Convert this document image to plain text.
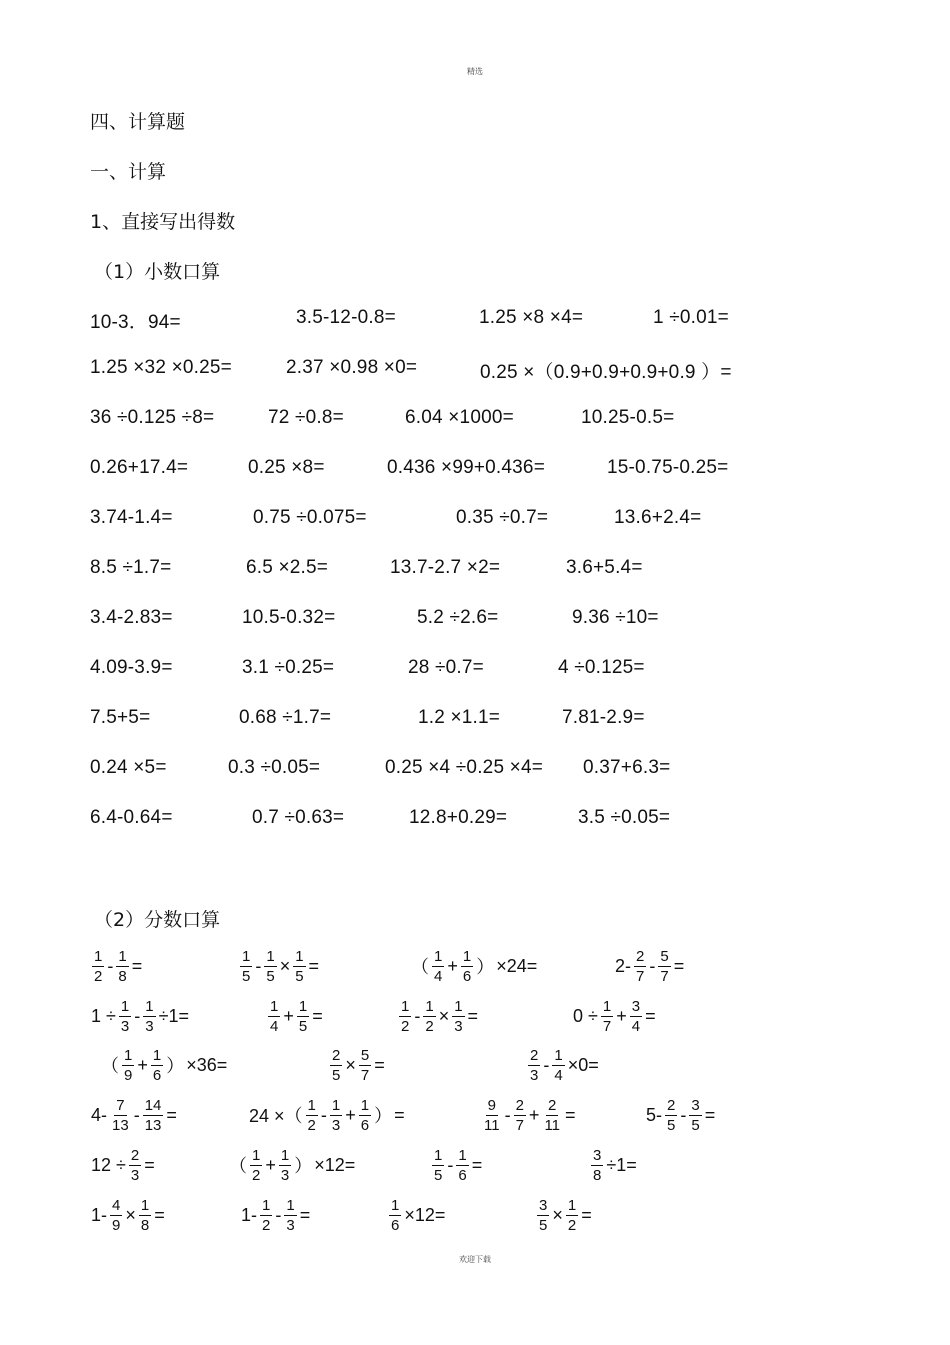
精选
四、计算题
一、计算
1、直接写出得数
（1）小数口算
10-3．94=	3.5-12-0.8=	1.25 ×8 ×4=	1 ÷0.01=
1.25 ×32 ×0.25=	2.37 ×0.98 ×0=	0.25 ×（0.9+0.9+0.9+0.9 ）=
36 ÷0.125 ÷8=	72 ÷0.8=	6.04 ×1000=	10.25-0.5=
0.26+17.4=	0.25 ×8=	0.436 ×99+0.436=	15-0.75-0.25=
3.74-1.4=	0.75 ÷0.075=	0.35 ÷0.7=	13.6+2.4=
8.5 ÷1.7=	6.5 ×2.5=	13.7-2.7 ×2=	3.6+5.4=
3.4-2.83=	10.5-0.32=	5.2 ÷2.6=	9.36 ÷10=
4.09-3.9=	3.1 ÷0.25=	28 ÷0.7=	4 ÷0.125=
7.5+5=	0.68 ÷1.7=	1.2 ×1.1=	7.81-2.9=
0.24 ×5=	0.3 ÷0.05=	0.25 ×4 ÷0.25 ×4= 0.37+6.3=
6.4-0.64=	0.7 ÷0.63=	12.8+0.29=	3.5 ÷0.05=
（2）分数口算
$\frac{1}{2} - \frac{1}{8}$ =	$\frac{1}{5} - \frac{1}{5} \times \frac{1}{5}$ =	（ $\frac{1}{4} + \frac{1}{6}$ ） ×24=	$2- \frac{2}{7} - \frac{5}{7}$ =
$1 \div \frac{1}{3} - \frac{1}{3} \div 1=$	$\frac{1}{4} + \frac{1}{5}$ =	$\frac{1}{2} - \frac{1}{2} \times \frac{1}{3}$ =	$0 \div \frac{1}{7} + \frac{3}{4}$ =
（ $\frac{1}{9} + \frac{1}{6}$ ） ×36=	$\frac{2}{5} \times \frac{5}{7}$ =	$\frac{2}{3} - \frac{1}{4} \times 0=$
$4- \frac{7}{13} - \frac{14}{13}$ =	24 ×（ $\frac{1}{2} - \frac{1}{3} + \frac{1}{6}$ ） =	$\frac{9}{11} - \frac{2}{7} + \frac{2}{11}$ =	$5- \frac{2}{5} - \frac{3}{5}$ =
$12 \div \frac{2}{3}$ =	（ $\frac{1}{2} + \frac{1}{3}$ ） ×12=	$\frac{1}{5} - \frac{1}{6}$ =	$\frac{3}{8} \div 1=$
$1- \frac{4}{9} \times \frac{1}{8}$ =	$1- \frac{1}{2} - \frac{1}{3}$ =	$\frac{1}{6} \times 12=$	$\frac{3}{5} \times \frac{1}{2}$ =
欢迎下载
